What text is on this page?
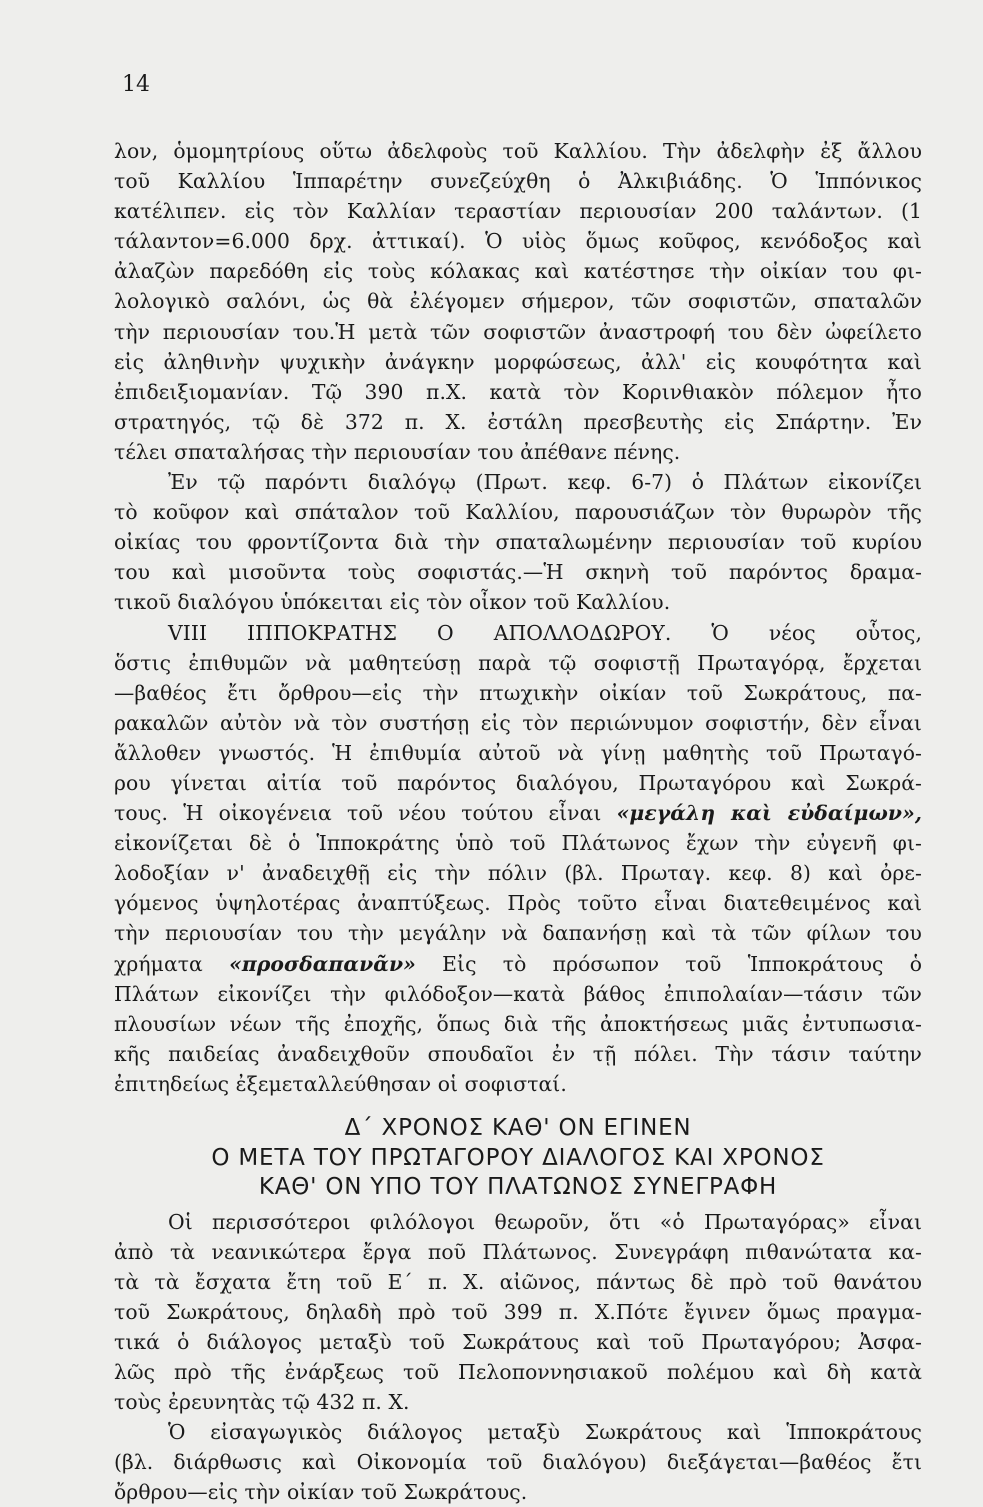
14
λον, ὁμομητρίους οὕτω ἀδελφοὺς τοῦ Καλλίου. Τὴν ἀδελφὴν ἐξ ἄλλου
τοῦ Καλλίου Ἱππαρέτην συνεζεύχθη ὁ Ἀλκιβιάδης. Ὁ Ἱππόνικος
κατέλιπεν. εἰς τὸν Καλλίαν τεραστίαν περιουσίαν 200 ταλάντων. (1
τάλαντον=6.000 δρχ. ἀττικαί). Ὁ υἱὸς ὅμως κοῦφος, κενόδοξος καὶ
ἀλαζὼν παρεδόθη εἰς τοὺς κόλακας καὶ κατέστησε τὴν οἰκίαν του φι-
λολογικὸ σαλόνι, ὡς θὰ ἐλέγομεν σήμερον, τῶν σοφιστῶν, σπαταλῶν
τὴν περιουσίαν του.Ἡ μετὰ τῶν σοφιστῶν ἀναστροφή του δὲν ὠφείλετο
εἰς ἀληθινὴν ψυχικὴν ἀνάγκην μορφώσεως, ἀλλ' εἰς κουφότητα καὶ
ἐπιδειξιομανίαν. Τῷ 390 π.Χ. κατὰ τὸν Κορινθιακὸν πόλεμον ἦτο
στρατηγός, τῷ δὲ 372 π. Χ. ἐστάλη πρεσβευτὴς εἰς Σπάρτην. Ἐν
τέλει σπαταλήσας τὴν περιουσίαν του ἀπέθανε πένης.
Ἐν τῷ παρόντι διαλόγῳ (Πρωτ. κεφ. 6-7) ὁ Πλάτων εἰκονίζει
τὸ κοῦφον καὶ σπάταλον τοῦ Καλλίου, παρουσιάζων τὸν θυρωρὸν τῆς
οἰκίας του φροντίζοντα διὰ τὴν σπαταλωμένην περιουσίαν τοῦ κυρίου
του καὶ μισοῦντα τοὺς σοφιστάς.—Ἡ σκηνὴ τοῦ παρόντος δραμα-
τικοῦ διαλόγου ὑπόκειται εἰς τὸν οἶκον τοῦ Καλλίου.
VIII ΙΠΠΟΚΡΑΤΗΣ Ο ΑΠΟΛΛΟΔΩΡΟΥ. Ὁ νέος οὗτος,
ὅστις ἐπιθυμῶν νὰ μαθητεύσῃ παρὰ τῷ σοφιστῇ Πρωταγόρᾳ, ἔρχεται
—βαθέος ἔτι ὄρθρου—εἰς τὴν πτωχικὴν οἰκίαν τοῦ Σωκράτους, πα-
ρακαλῶν αὐτὸν νὰ τὸν συστήσῃ εἰς τὸν περιώνυμον σοφιστήν, δὲν εἶναι
ἄλλοθεν γνωστός. Ἡ ἐπιθυμία αὐτοῦ νὰ γίνῃ μαθητὴς τοῦ Πρωταγό-
ρου γίνεται αἰτία τοῦ παρόντος διαλόγου, Πρωταγόρου καὶ Σωκρά-
τους. Ἡ οἰκογένεια τοῦ νέου τούτου εἶναι «μεγάλη καὶ εὐδαίμων»,
εἰκονίζεται δὲ ὁ Ἱπποκράτης ὑπὸ τοῦ Πλάτωνος ἔχων τὴν εὐγενῆ φι-
λοδοξίαν ν' ἀναδειχθῇ εἰς τὴν πόλιν (βλ. Πρωταγ. κεφ. 8) καὶ ὀρε-
γόμενος ὑψηλοτέρας ἀναπτύξεως. Πρὸς τοῦτο εἶναι διατεθειμένος καὶ
τὴν περιουσίαν του τὴν μεγάλην νὰ δαπανήσῃ καὶ τὰ τῶν φίλων του
χρήματα «προσδαπανᾶν» Εἰς τὸ πρόσωπον τοῦ Ἱπποκράτους ὁ
Πλάτων εἰκονίζει τὴν φιλόδοξον—κατὰ βάθος ἐπιπολαίαν—τάσιν τῶν
πλουσίων νέων τῆς ἐποχῆς, ὅπως διὰ τῆς ἀποκτήσεως μιᾶς ἐντυπωσια-
κῆς παιδείας ἀναδειχθοῦν σπουδαῖοι ἐν τῇ πόλει. Τὴν τάσιν ταύτην
ἐπιτηδείως ἐξεμεταλλεύθησαν οἱ σοφισταί.
Δ΄ ΧΡΟΝΟΣ ΚΑΘ' ΟΝ ΕΓΙΝΕΝ
Ο ΜΕΤΑ ΤΟΥ ΠΡΩΤΑΓΟΡΟΥ ΔΙΑΛΟΓΟΣ ΚΑΙ ΧΡΟΝΟΣ
ΚΑΘ' ΟΝ ΥΠΟ ΤΟΥ ΠΛΑΤΩΝΟΣ ΣΥΝΕΓΡΑΦΗ
Οἱ περισσότεροι φιλόλογοι θεωροῦν, ὅτι «ὁ Πρωταγόρας» εἶναι
ἀπὸ τὰ νεανικώτερα ἔργα ποῦ Πλάτωνος. Συνεγράφη πιθανώτατα κα-
τὰ τὰ ἔσχατα ἔτη τοῦ Ε΄ π. Χ. αἰῶνος, πάντως δὲ πρὸ τοῦ θανάτου
τοῦ Σωκράτους, δηλαδὴ πρὸ τοῦ 399 π. Χ.Πότε ἔγινεν ὅμως πραγμα-
τικά ὁ διάλογος μεταξὺ τοῦ Σωκράτους καὶ τοῦ Πρωταγόρου; Ἀσφα-
λῶς πρὸ τῆς ἐνάρξεως τοῦ Πελοποννησιακοῦ πολέμου καὶ δὴ κατὰ
τοὺς ἐρευνητὰς τῷ 432 π. Χ.
Ὁ εἰσαγωγικὸς διάλογος μεταξὺ Σωκράτους καὶ Ἱπποκράτους
(βλ. διάρθωσις καὶ Οἰκονομία τοῦ διαλόγου) διεξάγεται—βαθέος ἔτι
ὄρθρου—εἰς τὴν οἰκίαν τοῦ Σωκράτους.
